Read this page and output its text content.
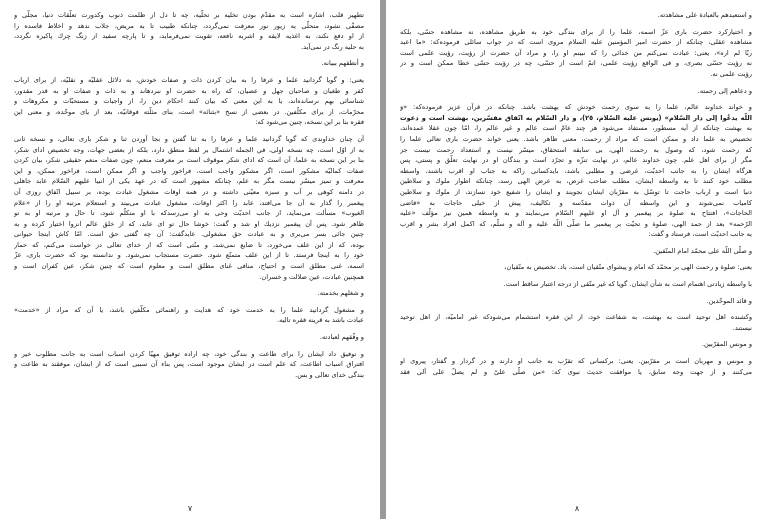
تطهير قلب، اشاره است به مقدّم بودن تخليه بر تحلّيه، چه تا دل از ظلمت ذنوب وكدورت تعلّقات دنيا، مجلّى و
مصفّى نشود، متحلّى به زيور نور معرفت نمى‌گردد، چنانكه طبيب تا به مريض، جلاب ندهد و اخلاط فاسده را
از او دفع نكند، به اغذيه لايقه و اشربه نافعه، تقويت نمى‌فرمايد، و تا پارچه سفيد از زنگ چرك پاكيزه نگردد،
به حليه رنگ در نمى‌آيد.
و أنطقهم ببيانه.
يعنى: و گويا گردانيد علما و عرفا را به بيان كردن ذات و صفات خودش، به دلائل عقليّه و نقليّه، از براى ارباب
كفر و طغيان و صاحبان جهل و عصيان، كه راه به حضرت او نبردهاند و به ذات و صفات او به قدر مقدور،
شناسائى بهم نرسانده‌اند، يا به اين معنى كه بيان كنند احكام دين را، از واجبات و مستحبّات و مكروهات و
محرّمات، از براى مكلّفين. در بعضى از نسخ «بثنائه» است، بناى مثلّثه فوقانيّه، بعد از ياى موحّده، و معنى اين
فقره بنا بر اين نسخه، چنين مى‌شود كه:
آن چنان خداوندى كه گويا گردانيد علما و عرفا را به ثنا گفتن و بجا آوردن ثنا و شكر بارى تعالى، و نسخه ثانى
به از اوّل است، چه نسخه اولى، في الجمله اشتمال بر لفظ منطق دارد، بلكه از بعضى جهات، وجه تخصيص اداى شكر،
بنا بر اين نسخه به علما، آن است كه اداى شكر موقوف است بر معرفت منعم، چون صفات منعم حقيقى شكر، بيان كردن
صفات كماليّه مشكور است، اگر مشكور واجب است، فراخور واجب و اگر ممكن است، فراخور ممكن، و اين
معرفت و تميز ميسّر نيست مگر به علم، چنانكه مشهور است كه در عهد يكى از انبيا عليهم السّلام عابد جاهلى
در دامنه كوهى بر آب و سبزه معيّنى داشته و در همه اوقات مشغول عبادت بوده، بر سبيل اتّفاق روزى آن
پيغمبر را گذار به آن جا مى‌افتد، عابد را اكثر اوقات، مشغول عبادت مى‌بيند و استعلام مرتبه او را از «علام
الغيوب» مسألت مى‌نمايد، از جانب احديّت وحى به او مى‌رسدكه با او متكلّم شود، تا حال و مرتبه او به تو
ظاهر شود. پس آن پيغمبر نزديك او شد و گفت: خوشا حال تو اى عابد، كه از خلق عالم انزوا اختيار كرده و به
چنين جائى بسر مى‌برى و به عبادت حق مشغولى. عابدگفت: آن چه گفتى حق است. امّا كاش اينجا حيوانى
بوده، كه از اين علف مى‌خورد، تا ضايع نمى‌شد، و منّتى است كه از خداى تعالى در خواست مى‌كنم، كه حمار
خود را به اينجا فرستد. تا از اين علف متمتّع شود. حضرت مستجاب نمى‌شود. و ندانسته بود كه حضرت بارى، عزّ
اسمه، غنى مطلق است و احتياج، منافى غناى مطلق است و معلوم است كه چنين شكر، عين كفران است و
همچنين عبادت، عين ضلالت و خسران.
و شغلهم بخدمته.
و مشغول گردانيد علما را به خدمت خود كه هدايت و راهنمائى مكلّفين باشد، يا آن كه مراد از «خدمت»
عبادت باشد به قرينه فقره تاليه.
و وفّقهم لعبادته.
و توفيق داد ايشان را براى طاعت و بندگى خود، چه اراده توفيق مهيّا كردن اسباب است به جانب مطلوب خير و
افتراق اسباب اطاعت، كه علم است در ايشان موجود است، پس بناء آن سببى است كه از ايشان، موفقند به طاعت و
بندگى خداى تعالى و بس.
٧
و استعبدهم بالعبادة على مشاهدته.
و اختياركرد حضرت بارى عزّ اسمه، علما را از براى بندگى خود به طريق مشاهده، نه مشاهده حسّى، بلكه
مشاهده عقلى، چنانكه از حضرت امير المؤمنين عليه السلام مروى است كه در جواب سائلى فرموده‌كه: «ما اعبد
ربّا لم اره»، يعنى: عبادت نمى‌كنم من خدائى را كه نبينم او را، و مراد آن حضرت از رؤيت، رؤيت علمى است
نه رؤيت حسّى بصرى، و فى الواقع رؤيت علمى، اتمّ است از حسّى، چه در رؤيت حسّى خطا ممكن است و در
رؤيت علمى نه.
و دعاهم إلى رحمته.
و خواند خداوند عالم، علما را به سوى رحمت خودش كه بهشت باشد. چنانكه در قرآن عزيز فرموده‌كه: «وَ
اللّه يدعُوا إلى دار السّلام» (يونس عليه السّلام، ٢٥)، و دار السّلام به اتّفاق مفسّرين، بهشت است و دعوت
به بهشت چنانكه از آيه مسطور، مستفاد مى‌شود هر چند عامّ است عالم و غير عالم را، امّا چون عقلا عمده‌اند،
تخصيص به علما داد و ممكن است كه مراد از رحمت، معنى ظاهر باشد. يعنى خواند حضرت بارى تعالى علما را
كه رحمت شود، كه وصول به رحمت الهى، بى سابقه استحقاق، ميسّر نيست و استعداد رحمت نيست جز
مگر از براى اهل علم. چون خداوند عالم، در نهايت تنزّه و تجرّد است و بندگان او در نهايت تعلّق و پستى، پس
هرگاه ايشان را به جانب احديّت، غرضى و مطلبى باشد، بايدكسانى راكه به جناب او اقرب باشند، واسطه
مطلب خود كنند تا به واسطه ايشان، مطلب صاحب غرض، به عرض الهى رسد، چنانكه اطوار ملوك و سلاطين
دنيا است و ارباب حاجت تا توسّل به مقرّبان ايشان نجويند و ايشان را شفيع خود نسازند، از ملوك و سلاطين
كامياب نمى‌شوند و اين واسطه آن ذوات مقدّسه و تكاليف، پيش از خيلى حاجات به «قاضى
الحاجات»، افتتاح به صلوة بر پيغمبر و آل او عليهم السّلام مى‌نمايند و به واسطه همين نيز مؤلّف «عليه
الرّحمه» بعد از حمد الهى، صلوة و تحيّت بر پيغمبر ما صلّى اللّه عليه و آله و سلّم، كه اكمل افراد بشر و اقرب
به جانب احديّت است، فرستاد و گفت:
و صلّى اللّه على محمّد امام المتّقين.
يعنى: صلوة و رحمت الهى بر محمّد كه امام و پيشواى متّقيان است، باد. تخصيص به متّقيان،
با واسطه زيادتى اهتمام است به شأن ايشان. گويا كه غير متّقى از درجه اعتبار ساقط است.
و قائد الموحّدين.
وكشنده اهل توحيد است به بهشت، به شفاعت خود، از اين فقره استشمام مى‌شودكه غير اماميّه، از اهل توحيد
نيستند.
و مونس المقرّبين.
و مونس و مهربان است بر مقرّبين. يعنى: بركسانى كه تقرّب به جانب او دارند و در گردار و گفتار، پيروى او
مى‌كنند و از جهت وجه سابق، يا موافقت حديث نبوى كه: «من صلّى علىّ و لم يصلّ على آلى فقد
٨
